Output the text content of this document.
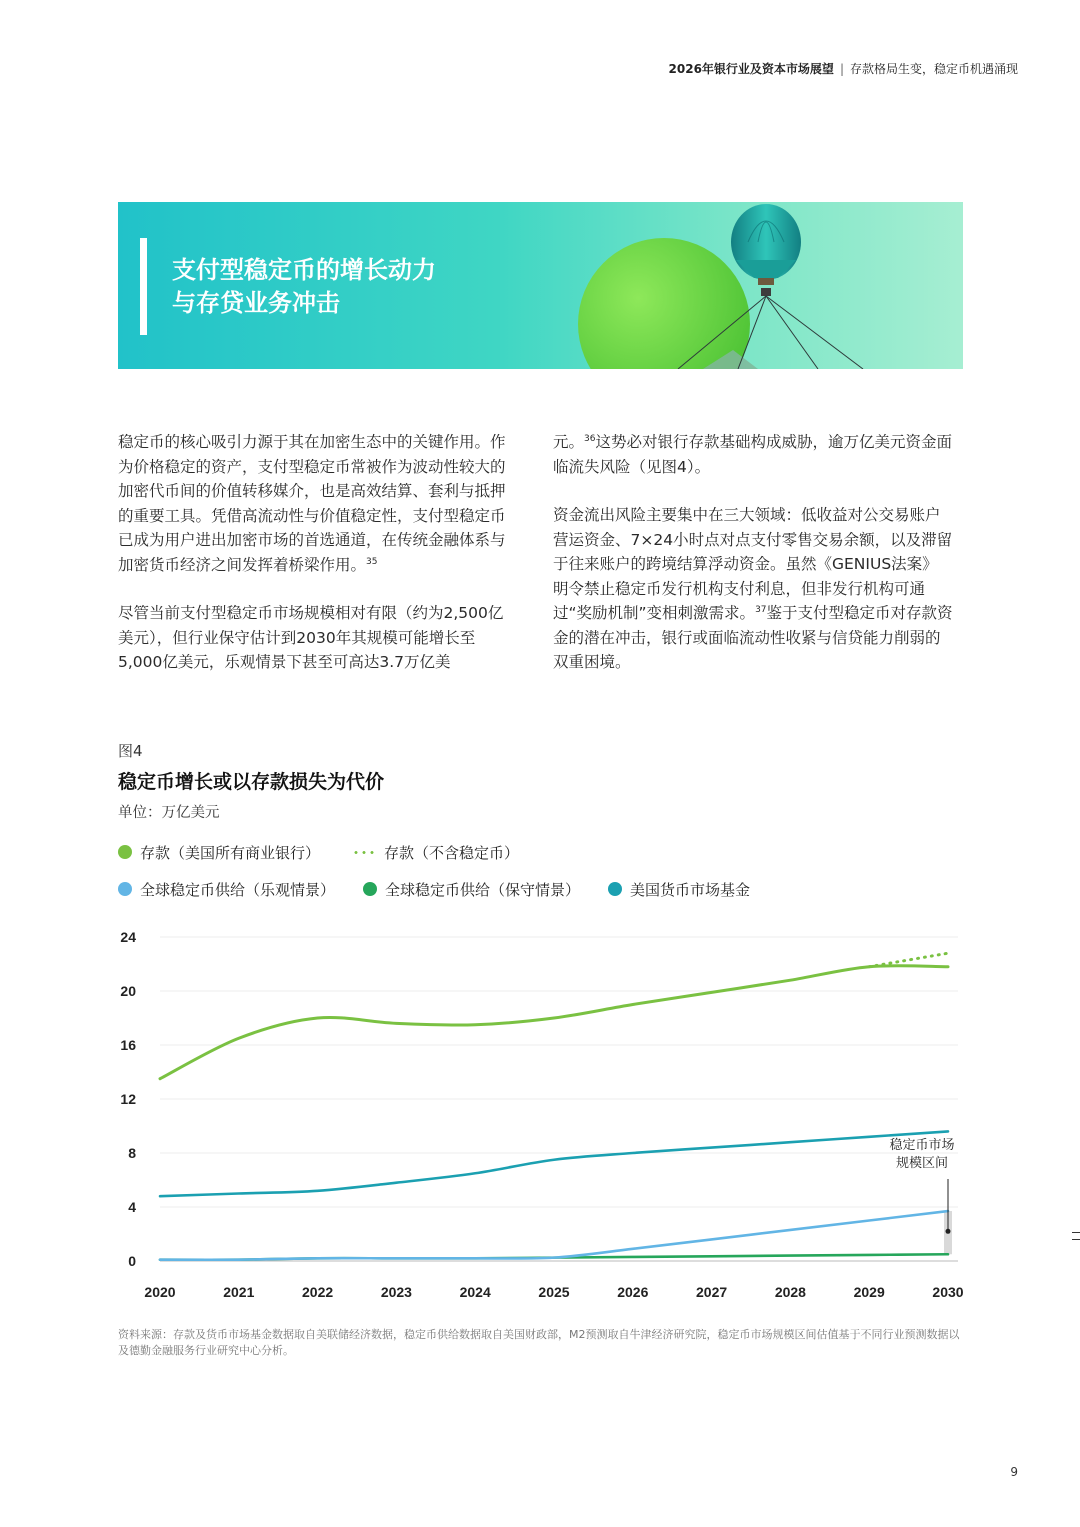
2026年银行业及资本市场展望 | 存款格局生变，稳定币机遇涌现
支付型稳定币的增长动力
与存贷业务冲击

稳定币的核心吸引力源于其在加密生态中的关键作用。作为价格稳定的资产，支付型稳定币常被作为波动性较大的加密代币间的价值转移媒介，也是高效结算、套利与抵押的重要工具。凭借高流动性与价值稳定性，支付型稳定币已成为用户进出加密市场的首选通道，在传统金融体系与加密货币经济之间发挥着桥梁作用。$^{35}$

尽管当前支付型稳定币市场规模相对有限（约为2,500亿美元），但行业保守估计到2030年其规模可能增长至5,000亿美元，乐观情景下甚至可高达3.7万亿美

元。$^{36}$这势必对银行存款基础构成威胁，逾万亿美元资金面临流失风险（见图4）。

资金流出风险主要集中在三大领域：低收益对公交易账户营运资金、7×24小时点对点支付零售交易余额，以及滞留于往来账户的跨境结算浮动资金。虽然《GENIUS法案》明令禁止稳定币发行机构支付利息，但非发行机构可通过“奖励机制”变相刺激需求。$^{37}$鉴于支付型稳定币对存款资金的潜在冲击，银行或面临流动性收紧与信贷能力削弱的双重困境。

图4
稳定币增长或以存款损失为代价
单位：万亿美元
存款（美国所有商业银行）	存款（不含稳定币）
全球稳定币供给（乐观情景）	全球稳定币供给（保守情景）	美国货币市场基金
0
4
8
12
16
20
24
2020	2021	2022	2023	2024	2025	2026	2027	2028	2029	2030
稳定币市场
规模区间
资料来源：存款及货币市场基金数据取自美联储经济数据，稳定币供给数据取自美国财政部，M2预测取自牛津经济研究院，稳定币市场规模区间估值基于不同行业预测数据以及德勤金融服务行业研究中心分析。
9
